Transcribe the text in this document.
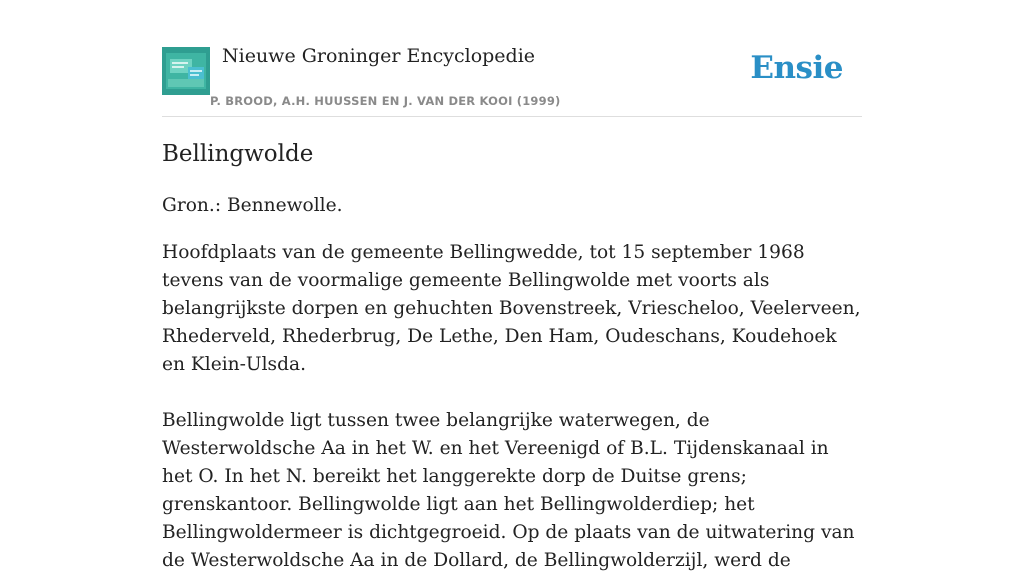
Nieuwe Groninger Encyclopedie
P. BROOD, A.H. HUUSSEN EN J. VAN DER KOOI (1999)
Ensie
Bellingwolde

Gron.: Bennewolle.

Hoofdplaats van de gemeente Bellingwedde, tot 15 september 1968 tevens van de voormalige gemeente Bellingwolde met voorts als belangrijkste dorpen en gehuchten Bovenstreek, Vriescheloo, Veelerveen, Rhederveld, Rhederbrug, De Lethe, Den Ham, Oudeschans, Koudehoek en Klein-Ulsda.

Bellingwolde ligt tussen twee belangrijke waterwegen, de Westerwoldsche Aa in het W. en het Vereenigd of B.L. Tijdenskanaal in het O. In het N. bereikt het langgerekte dorp de Duitse grens; grenskantoor. Bellingwolde ligt aan het Bellingwolderdiep; het Bellingwoldermeer is dichtgegroeid. Op de plaats van de uitwatering van de Westerwoldsche Aa in de Dollard, de Bellingwolderzijl, werd de
